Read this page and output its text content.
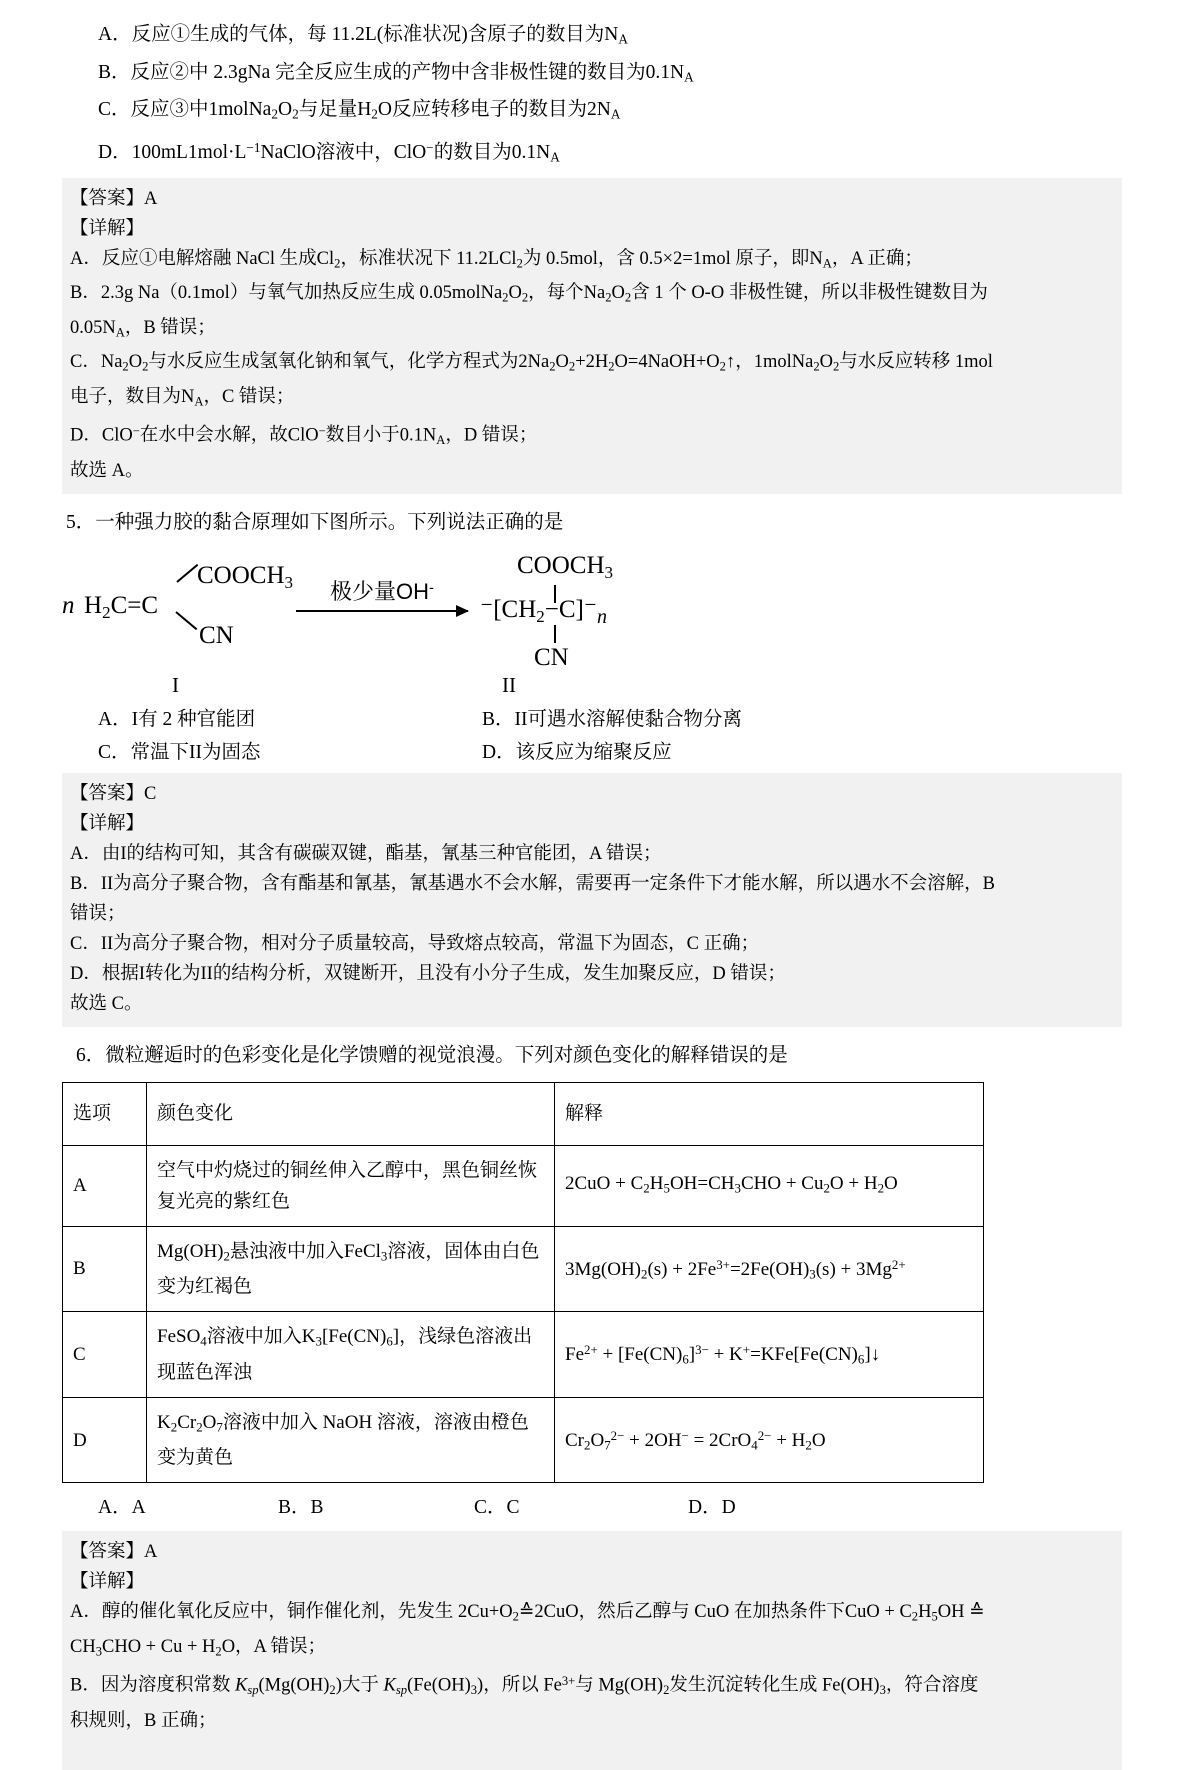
A．反应①生成的气体，每 11.2L(标准状况)含原子的数目为$N_A$
B．反应②中 2.3gNa 完全反应生成的产物中含非极性键的数目为$0.1N_A$
C．反应③中$1molNa_2O_2$与足量$H_2O$反应转移电子的数目为$2N_A$
D．$100mL1mol\cdot L^{-1}NaClO$溶液中，ClO−的数目为$0.1N_A$
【答案】A
【详解】
A．反应①电解熔融 NaCl 生成$Cl_2$，标准状况下 11.2LCl$_2$为 0.5mol，含 0.5×2=1mol 原子，即$N_A$，A 正确；
B．2.3g Na（0.1mol）与氧气加热反应生成 $0.05molNa_2O_2$，每个$Na_2O_2$含 1 个 O-O 非极性键，所以非极性键数目为
$0.05N_A$，B 错误；
C．$Na_2O_2$与水反应生成氢氧化钠和氧气，化学方程式为$2Na_2O_2+2H_2O=4NaOH+O_2↑$，$1molNa_2O_2$与水反应转移 1mol
电子，数目为$N_A$，C 错误；
D．ClO−在水中会水解，故ClO−数目小于$0.1N_A$，D 错误；
故选 A。
5．一种强力胶的黏合原理如下图所示。下列说法正确的是
n $H_2C=C$
$COOCH_3$
CN
极少量OH-
$COOCH_3$
$^-[CH_2-C]^-_n$
CN
I	II
A．I有 2 种官能团	B．II可遇水溶解使黏合物分离
C．常温下II为固态	D．该反应为缩聚反应
【答案】C
【详解】
A．由I的结构可知，其含有碳碳双键，酯基，氰基三种官能团，A 错误；
B．II为高分子聚合物，含有酯基和氰基，氰基遇水不会水解，需要再一定条件下才能水解，所以遇水不会溶解，B
错误；
C．II为高分子聚合物，相对分子质量较高，导致熔点较高，常温下为固态，C 正确；
D．根据I转化为II的结构分析，双键断开，且没有小分子生成，发生加聚反应，D 错误；
故选 C。
6．微粒邂逅时的色彩变化是化学馈赠的视觉浪漫。下列对颜色变化的解释错误的是
选项	颜色变化	解释
A	空气中灼烧过的铜丝伸入乙醇中，黑色铜丝恢复光亮的紫红色	$2CuO + C_2H_5OH=CH_3CHO + Cu_2O + H_2O$
B	$Mg(OH)_2$悬浊液中加入FeCl$_3$溶液，固体由白色变为红褐色	$3Mg(OH)_2(s) + 2Fe^{3+}=2Fe(OH)_3(s) + 3Mg^{2+}$
C	FeSO$_4$溶液中加入$K_3[Fe(CN)_6]$，浅绿色溶液出现蓝色浑浊	$Fe^{2+} + [Fe(CN)_6]^{3-}$ + $K^+=KFe[Fe(CN)_6]↓$
D	$K_2Cr_2O_7$溶液中加入 NaOH 溶液，溶液由橙色变为黄色	$Cr_2O_7^{2-} + 2OH^- = 2CrO_4^{2-} + H_2O$
A．A	B．B	C．C	D．D
【答案】A
【详解】
A．醇的催化氧化反应中，铜作催化剂，先发生 $2Cu+O_2≙2CuO$，然后乙醇与 CuO 在加热条件下CuO + $C_2H_5OH$ ≙
$CH_3CHO + Cu + H_2O$，A 错误；
B．因为溶度积常数 $K_{sp}(Mg(OH)_2)$大于 $K_{sp}(Fe(OH)_3)$，所以 $Fe^{3+}$与 $Mg(OH)_2$发生沉淀转化生成 $Fe(OH)_3$，符合溶度
积规则，B 正确；
